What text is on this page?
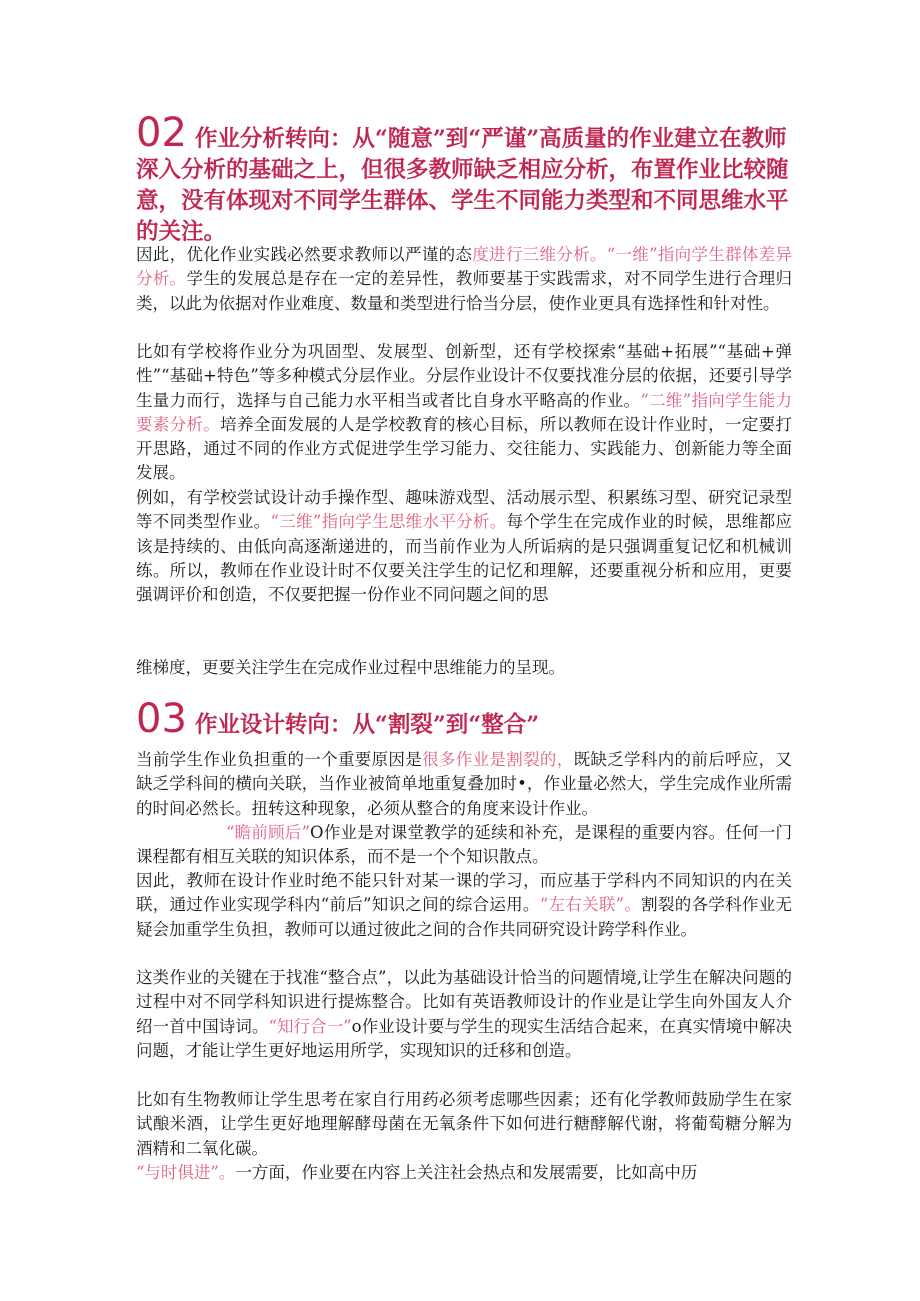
02 作业分析转向：从“随意”到“严谨”高质量的作业建立在教师深入分析的基础之上，但很多教师缺乏相应分析，布置作业比较随意，没有体现对不同学生群体、学生不同能力类型和不同思维水平的关注。

因此，优化作业实践必然要求教师以严谨的态度进行三维分析。“一维”指向学生群体差异分析。学生的发展总是存在一定的差异性，教师要基于实践需求，对不同学生进行合理归类，以此为依据对作业难度、数量和类型进行恰当分层，使作业更具有选择性和针对性。

比如有学校将作业分为巩固型、发展型、创新型，还有学校探索“基础+拓展”“基础+弹性”“基础+特色”等多种模式分层作业。分层作业设计不仅要找准分层的依据，还要引导学生量力而行，选择与自己能力水平相当或者比自身水平略高的作业。“二维”指向学生能力要素分析。培养全面发展的人是学校教育的核心目标，所以教师在设计作业时，一定要打开思路，通过不同的作业方式促进学生学习能力、交往能力、实践能力、创新能力等全面发展。

例如，有学校尝试设计动手操作型、趣味游戏型、活动展示型、积累练习型、研究记录型等不同类型作业。“三维”指向学生思维水平分析。每个学生在完成作业的时候，思维都应该是持续的、由低向高逐渐递进的，而当前作业为人所诟病的是只强调重复记忆和机械训练。所以，教师在作业设计时不仅要关注学生的记忆和理解，还要重视分析和应用，更要强调评价和创造，不仅要把握一份作业不同问题之间的思

维梯度，更要关注学生在完成作业过程中思维能力的呈现。

03 作业设计转向：从“割裂”到“整合”

当前学生作业负担重的一个重要原因是很多作业是割裂的，既缺乏学科内的前后呼应，又缺乏学科间的横向关联，当作业被简单地重复叠加时•，作业量必然大，学生完成作业所需的时间必然长。扭转这种现象，必须从整合的角度来设计作业。

“瞻前顾后”O作业是对课堂教学的延续和补充，是课程的重要内容。任何一门课程都有相互关联的知识体系，而不是一个个知识散点。

因此，教师在设计作业时绝不能只针对某一课的学习，而应基于学科内不同知识的内在关联，通过作业实现学科内“前后”知识之间的综合运用。“左右关联”。割裂的各学科作业无疑会加重学生负担，教师可以通过彼此之间的合作共同研究设计跨学科作业。

这类作业的关键在于找准“整合点”，以此为基础设计恰当的问题情境,让学生在解决问题的过程中对不同学科知识进行提炼整合。比如有英语教师设计的作业是让学生向外国友人介绍一首中国诗词。“知行合一”o作业设计要与学生的现实生活结合起来，在真实情境中解决问题，才能让学生更好地运用所学，实现知识的迁移和创造。

比如有生物教师让学生思考在家自行用药必须考虑哪些因素；还有化学教师鼓励学生在家试酿米酒，让学生更好地理解酵母菌在无氧条件下如何进行糖酵解代谢，将葡萄糖分解为酒精和二氧化碳。

“与时俱进”。一方面，作业要在内容上关注社会热点和发展需要，比如高中历
